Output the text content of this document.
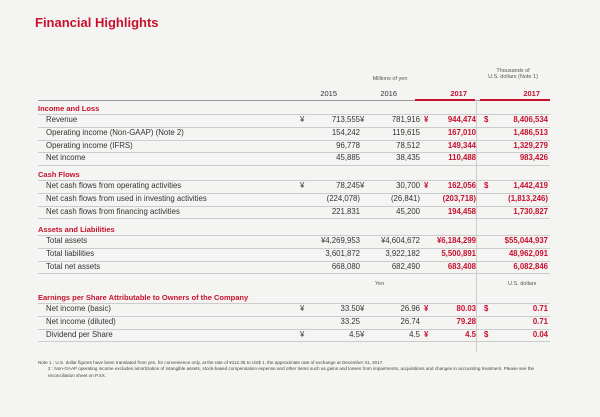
Financial Highlights
Millions of yen
Thousands of
U.S. dollars (Note 1)
2015	2016	2017	2017
Income and Loss
Revenue	¥	713,555 ¥	781,916 ¥	944,474 $	8,406,534
Operating income (Non-GAAP) (Note 2)	154,242	119,615	167,010	1,486,513
Operating income (IFRS)	96,778	78,512	149,344	1,329,279
Net income	45,885	38,435	110,488	983,426
Cash Flows
Net cash flows from operating activities	¥	78,245 ¥	30,700 ¥	162,056 $	1,442,419
Net cash flows from used in investing activities	(224,078)	(26,841)	(203,718)	(1,813,246)
Net cash flows from financing activities	221,831	45,200	194,458	1,730,827
Assets and Liabilities
Total assets	¥4,269,953	¥4,604,672	¥6,184,299	$55,044,937
Total liabilities	3,601,872	3,922,182	5,500,891	48,962,091
Total net assets	668,080	682,490	683,408	6,082,846
Earnings per Share Attributable to Owners of the Company
Net income (basic)	¥	33.50 ¥	26.96 ¥	80.03 $	0.71
Net income (diluted)	33.25	26.74	79.28	0.71
Dividend per Share	¥	4.5 ¥	4.5 ¥	4.5 $	0.04
Yen	U.S. dollars
Note 1 : U.S. dollar figures have been translated from yen, for convenience only, at the rate of ¥112.35 to US$ 1, the approximate rate of exchange at December 31, 2017.
2 : Non-GAAP operating income excludes amortization of intangible assets, stock-based compensation expense and other items such as gains and losses from impairments, acquisitions and changes in accounting treatment. Please see the reconciliation sheet on P.XX.
